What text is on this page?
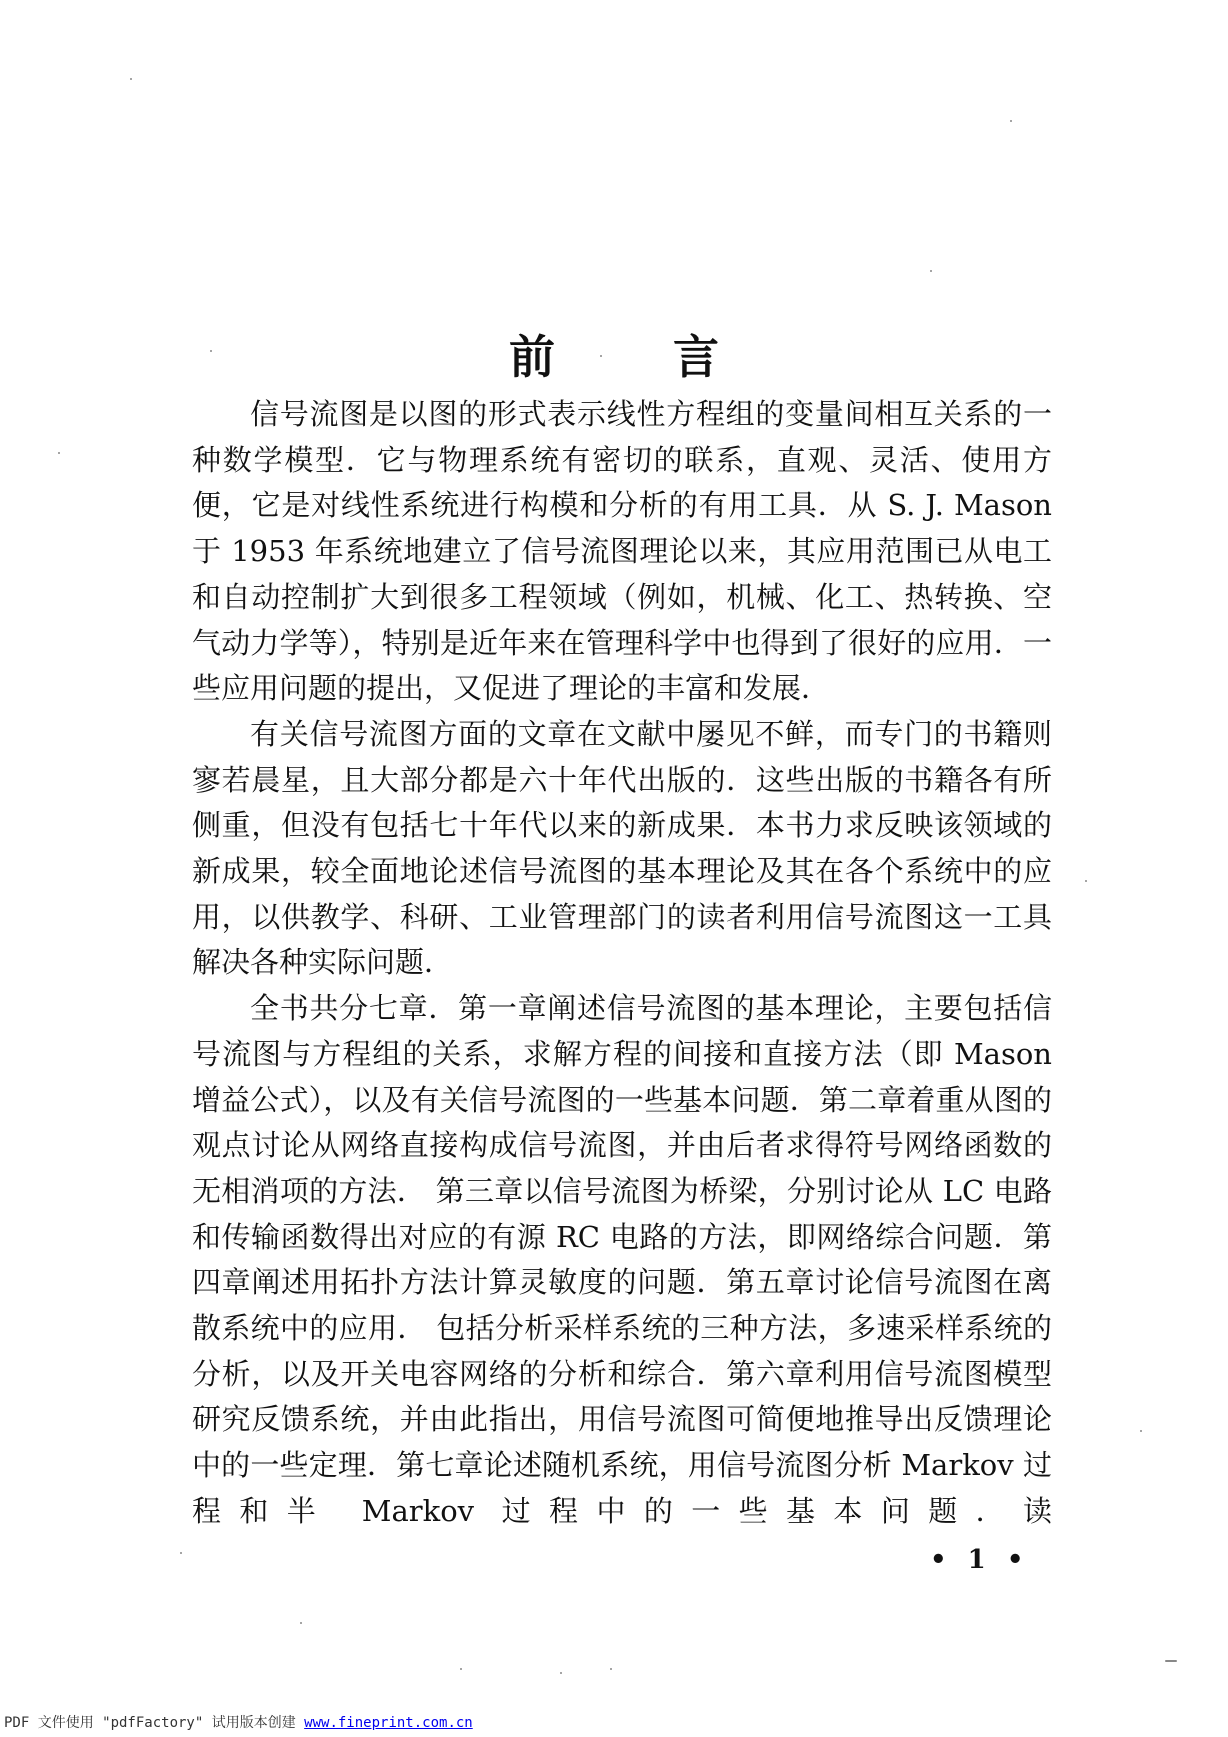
前	言

信号流图是以图的形式表示线性方程组的变量间相互关系的一种数学模型．它与物理系统有密切的联系，直观、灵活、使用方便，它是对线性系统进行构模和分析的有用工具．从 S. J. Mason 于 1953 年系统地建立了信号流图理论以来，其应用范围已从电工和自动控制扩大到很多工程领域（例如，机械、化工、热转换、空气动力学等），特别是近年来在管理科学中也得到了很好的应用．一些应用问题的提出，又促进了理论的丰富和发展．

有关信号流图方面的文章在文献中屡见不鲜，而专门的书籍则寥若晨星，且大部分都是六十年代出版的．这些出版的书籍各有所侧重，但没有包括七十年代以来的新成果．本书力求反映该领域的新成果，较全面地论述信号流图的基本理论及其在各个系统中的应用，以供教学、科研、工业管理部门的读者利用信号流图这一工具解决各种实际问题．

全书共分七章．第一章阐述信号流图的基本理论，主要包括信号流图与方程组的关系，求解方程的间接和直接方法（即 Mason 增益公式），以及有关信号流图的一些基本问题．第二章着重从图的观点讨论从网络直接构成信号流图，并由后者求得符号网络函数的无相消项的方法． 第三章以信号流图为桥梁，分别讨论从 LC 电路和传输函数得出对应的有源 RC 电路的方法，即网络综合问题．第四章阐述用拓扑方法计算灵敏度的问题．第五章讨论信号流图在离散系统中的应用． 包括分析采样系统的三种方法，多速采样系统的分析，以及开关电容网络的分析和综合．第六章利用信号流图模型研究反馈系统，并由此指出，用信号流图可简便地推导出反馈理论中的一些定理．第七章论述随机系统，用信号流图分析 Markov 过程和半 Markov 过程中的一些基本问题．读

• 1 •
PDF 文件使用 "pdfFactory" 试用版本创建 www.fineprint.com.cn
